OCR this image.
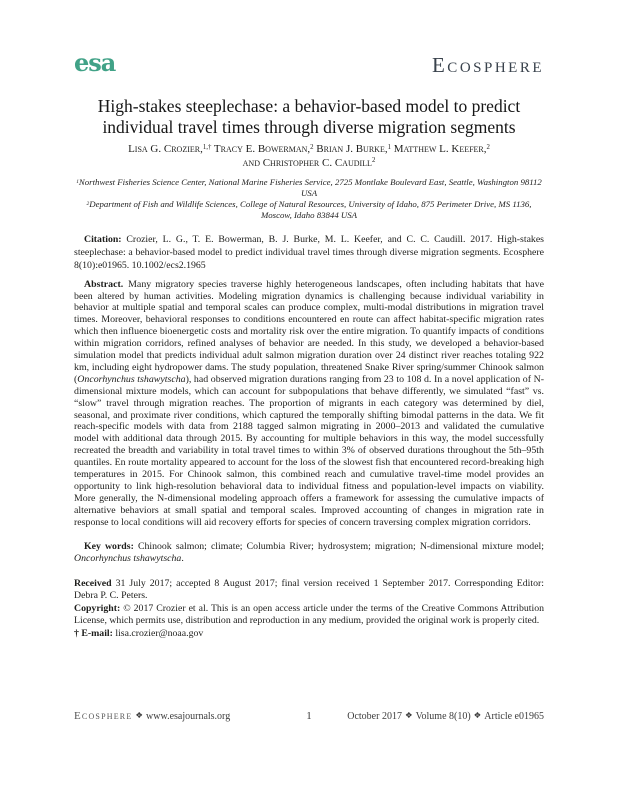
esa	Ecosphere
High-stakes steeplechase: a behavior-based model to predict individual travel times through diverse migration segments
Lisa G. Crozier,$^{1,\dagger}$ Tracy E. Bowerman,$^2$ Brian J. Burke,$^1$ Matthew L. Keefer,$^2$
and Christopher C. Caudill$^2$
$^1$Northwest Fisheries Science Center, National Marine Fisheries Service, 2725 Montlake Boulevard East, Seattle, Washington 98112 USA
$^2$Department of Fish and Wildlife Sciences, College of Natural Resources, University of Idaho, 875 Perimeter Drive, MS 1136,
Moscow, Idaho 83844 USA
Citation: Crozier, L. G., T. E. Bowerman, B. J. Burke, M. L. Keefer, and C. C. Caudill. 2017. High-stakes steeplechase: a behavior-based model to predict individual travel times through diverse migration segments. Ecosphere 8(10):e01965. 10.1002/ecs2.1965
Abstract. Many migratory species traverse highly heterogeneous landscapes, often including habitats that have been altered by human activities. Modeling migration dynamics is challenging because individual variability in behavior at multiple spatial and temporal scales can produce complex, multi-modal distributions in migration travel times. Moreover, behavioral responses to conditions encountered en route can affect habitat-specific migration rates which then influence bioenergetic costs and mortality risk over the entire migration. To quantify impacts of conditions within migration corridors, refined analyses of behavior are needed. In this study, we developed a behavior-based simulation model that predicts individual adult salmon migration duration over 24 distinct river reaches totaling 922 km, including eight hydropower dams. The study population, threatened Snake River spring/summer Chinook salmon (Oncorhynchus tshawytscha), had observed migration durations ranging from 23 to 108 d. In a novel application of N-dimensional mixture models, which can account for subpopulations that behave differently, we simulated “fast” vs. “slow” travel through migration reaches. The proportion of migrants in each category was determined by diel, seasonal, and proximate river conditions, which captured the temporally shifting bimodal patterns in the data. We fit reach-specific models with data from 2188 tagged salmon migrating in 2000–2013 and validated the cumulative model with additional data through 2015. By accounting for multiple behaviors in this way, the model successfully recreated the breadth and variability in total travel times to within 3% of observed durations throughout the 5th–95th quantiles. En route mortality appeared to account for the loss of the slowest fish that encountered record-breaking high temperatures in 2015. For Chinook salmon, this combined reach and cumulative travel-time model provides an opportunity to link high-resolution behavioral data to individual fitness and population-level impacts on viability. More generally, the N-dimensional modeling approach offers a framework for assessing the cumulative impacts of alternative behaviors at small spatial and temporal scales. Improved accounting of changes in migration rate in response to local conditions will aid recovery efforts for species of concern traversing complex migration corridors.
Key words: Chinook salmon; climate; Columbia River; hydrosystem; migration; N-dimensional mixture model; Oncorhynchus tshawytscha.
Received 31 July 2017; accepted 8 August 2017; final version received 1 September 2017. Corresponding Editor: Debra P. C. Peters.
Copyright: © 2017 Crozier et al. This is an open access article under the terms of the Creative Commons Attribution License, which permits use, distribution and reproduction in any medium, provided the original work is properly cited.
† E-mail: lisa.crozier@noaa.gov
Ecosphere ❖ www.esajournals.org	1	October 2017 ❖ Volume 8(10) ❖ Article e01965
